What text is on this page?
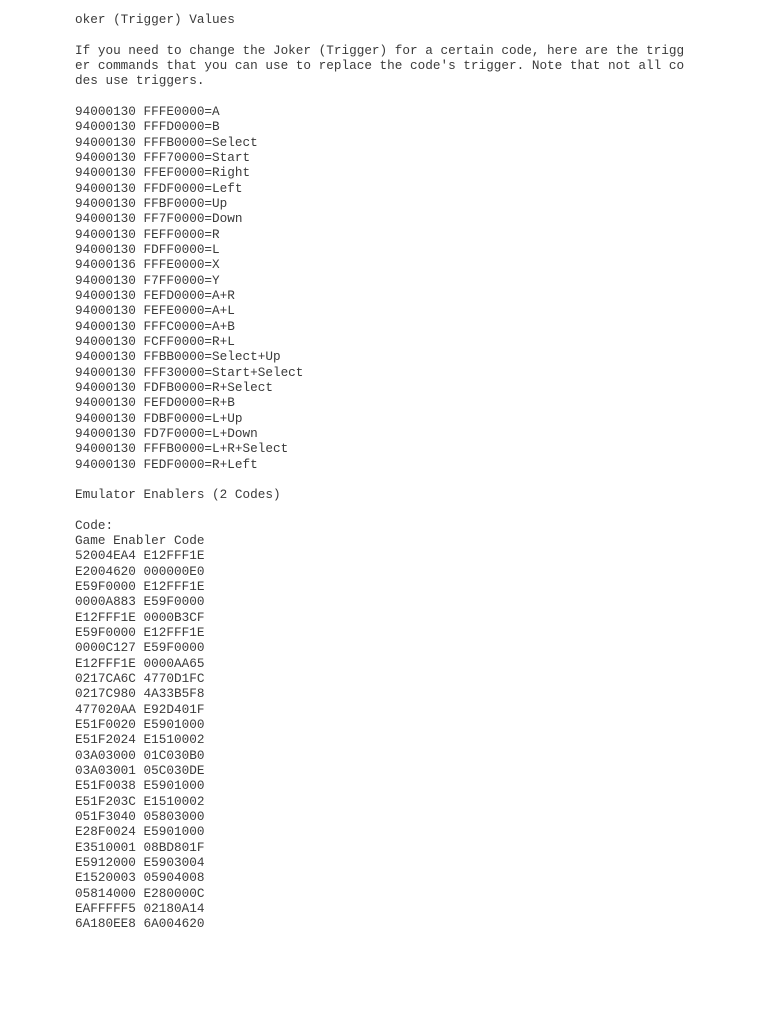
oker (Trigger) Values
If you need to change the Joker (Trigger) for a certain code, here are the trigg
er commands that you can use to replace the code's trigger. Note that not all co
des use triggers.
94000130 FFFE0000=A
94000130 FFFD0000=B
94000130 FFFB0000=Select
94000130 FFF70000=Start
94000130 FFEF0000=Right
94000130 FFDF0000=Left
94000130 FFBF0000=Up
94000130 FF7F0000=Down
94000130 FEFF0000=R
94000130 FDFF0000=L
94000136 FFFE0000=X
94000130 F7FF0000=Y
94000130 FEFD0000=A+R
94000130 FEFE0000=A+L
94000130 FFFC0000=A+B
94000130 FCFF0000=R+L
94000130 FFBB0000=Select+Up
94000130 FFF30000=Start+Select
94000130 FDFB0000=R+Select
94000130 FEFD0000=R+B
94000130 FDBF0000=L+Up
94000130 FD7F0000=L+Down
94000130 FFFB0000=L+R+Select
94000130 FEDF0000=R+Left
Emulator Enablers (2 Codes)
Code:
Game Enabler Code
52004EA4 E12FFF1E
E2004620 000000E0
E59F0000 E12FFF1E
0000A883 E59F0000
E12FFF1E 0000B3CF
E59F0000 E12FFF1E
0000C127 E59F0000
E12FFF1E 0000AA65
0217CA6C 4770D1FC
0217C980 4A33B5F8
477020AA E92D401F
E51F0020 E5901000
E51F2024 E1510002
03A03000 01C030B0
03A03001 05C030DE
E51F0038 E5901000
E51F203C E1510002
051F3040 05803000
E28F0024 E5901000
E3510001 08BD801F
E5912000 E5903004
E1520003 05904008
05814000 E280000C
EAFFFFF5 02180A14
6A180EE8 6A004620
